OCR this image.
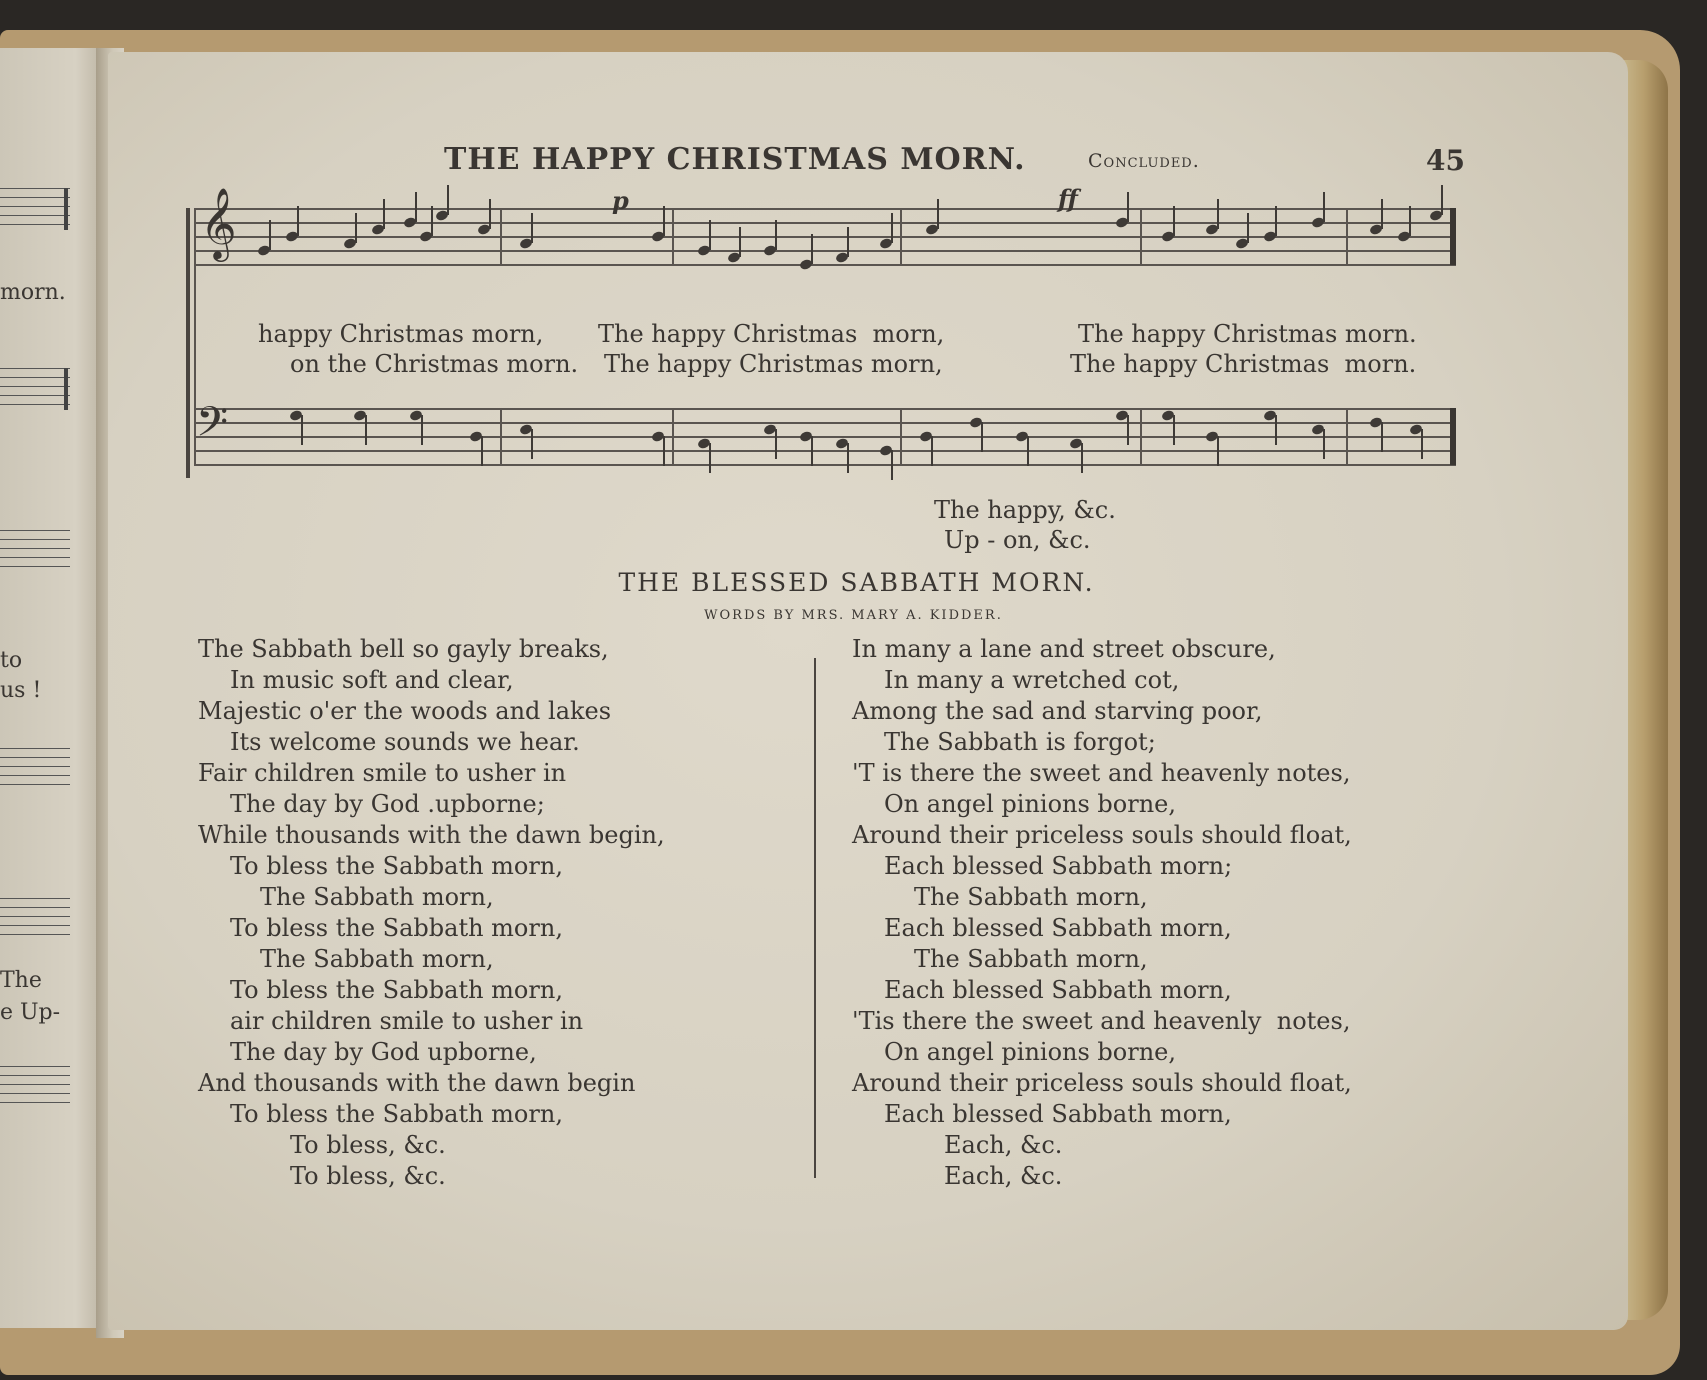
morn.
to
us !
The
e Up-
THE HAPPY CHRISTMAS MORN.	Concluded.	45
𝄞	p	ff
happy Christmas morn, The happy Christmas  morn,	The happy Christmas morn.
on the Christmas morn. The happy Christmas morn,	The happy Christmas  morn.
𝄢
The happy, &c.
Up - on, &c.
THE BLESSED SABBATH MORN.
WORDS BY MRS. MARY A. KIDDER.
The Sabbath bell so gayly breaks,
In music soft and clear,
Majestic o'er the woods and lakes
Its welcome sounds we hear.
Fair children smile to usher in
The day by God .upborne;
While thousands with the dawn begin,
To bless the Sabbath morn,
The Sabbath morn,
To bless the Sabbath morn,
The Sabbath morn,
To bless the Sabbath morn,
air children smile to usher in
The day by God upborne,
And thousands with the dawn begin
To bless the Sabbath morn,
To bless, &c.
To bless, &c.
In many a lane and street obscure,
In many a wretched cot,
Among the sad and starving poor,
The Sabbath is forgot;
'T is there the sweet and heavenly notes,
On angel pinions borne,
Around their priceless souls should float,
Each blessed Sabbath morn;
The Sabbath morn,
Each blessed Sabbath morn,
The Sabbath morn,
Each blessed Sabbath morn,
'Tis there the sweet and heavenly  notes,
On angel pinions borne,
Around their priceless souls should float,
Each blessed Sabbath morn,
Each, &c.
Each, &c.
